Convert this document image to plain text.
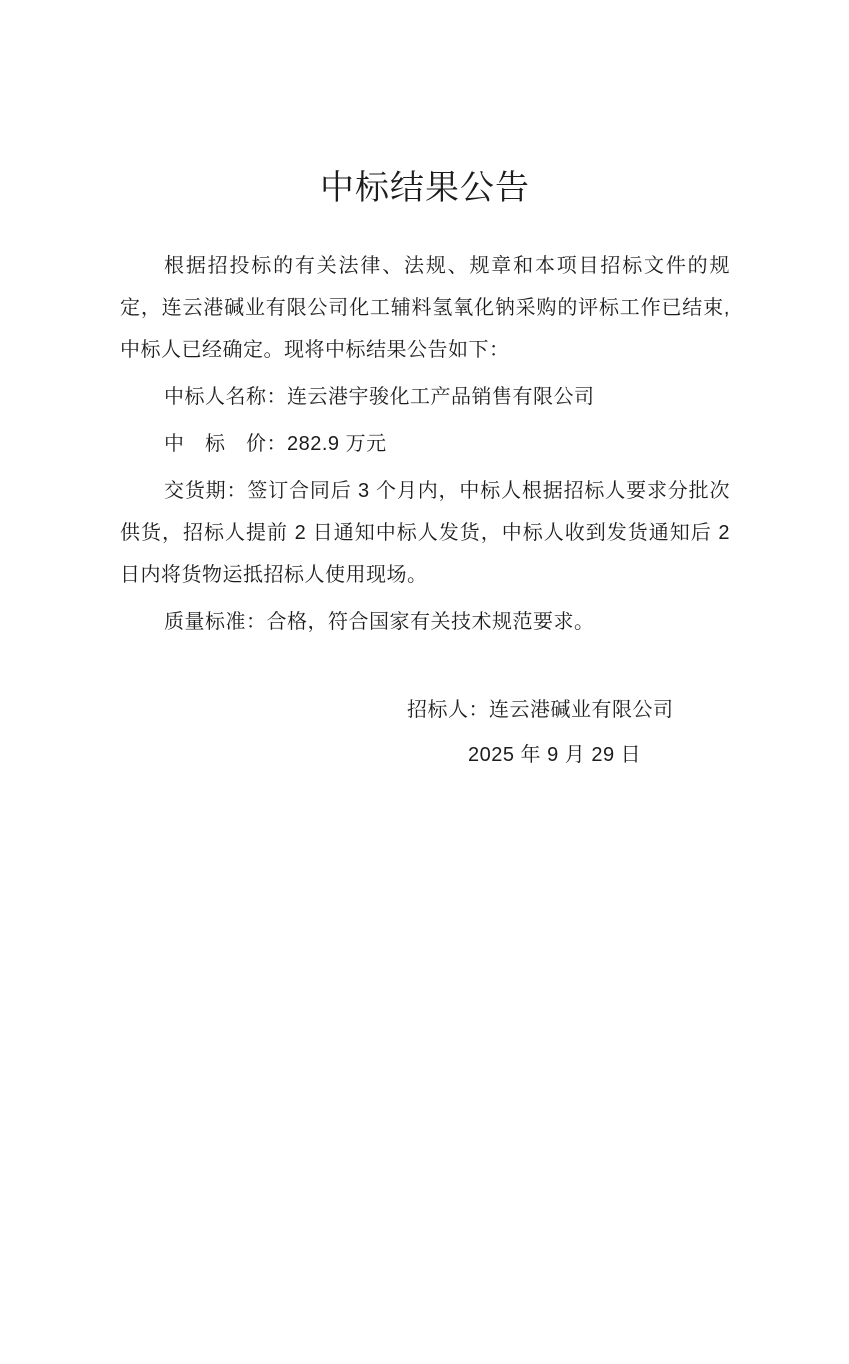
中标结果公告

根据招投标的有关法律、法规、规章和本项目招标文件的规定，连云港碱业有限公司化工辅料氢氧化钠采购的评标工作已结束,中标人已经确定。现将中标结果公告如下：

中标人名称：连云港宇骏化工产品销售有限公司

中　标　价：282.9 万元

交货期：签订合同后 3 个月内，中标人根据招标人要求分批次供货，招标人提前 2 日通知中标人发货，中标人收到发货通知后 2 日内将货物运抵招标人使用现场。

质量标准：合格，符合国家有关技术规范要求。

招标人：连云港碱业有限公司

2025 年 9 月 29 日
